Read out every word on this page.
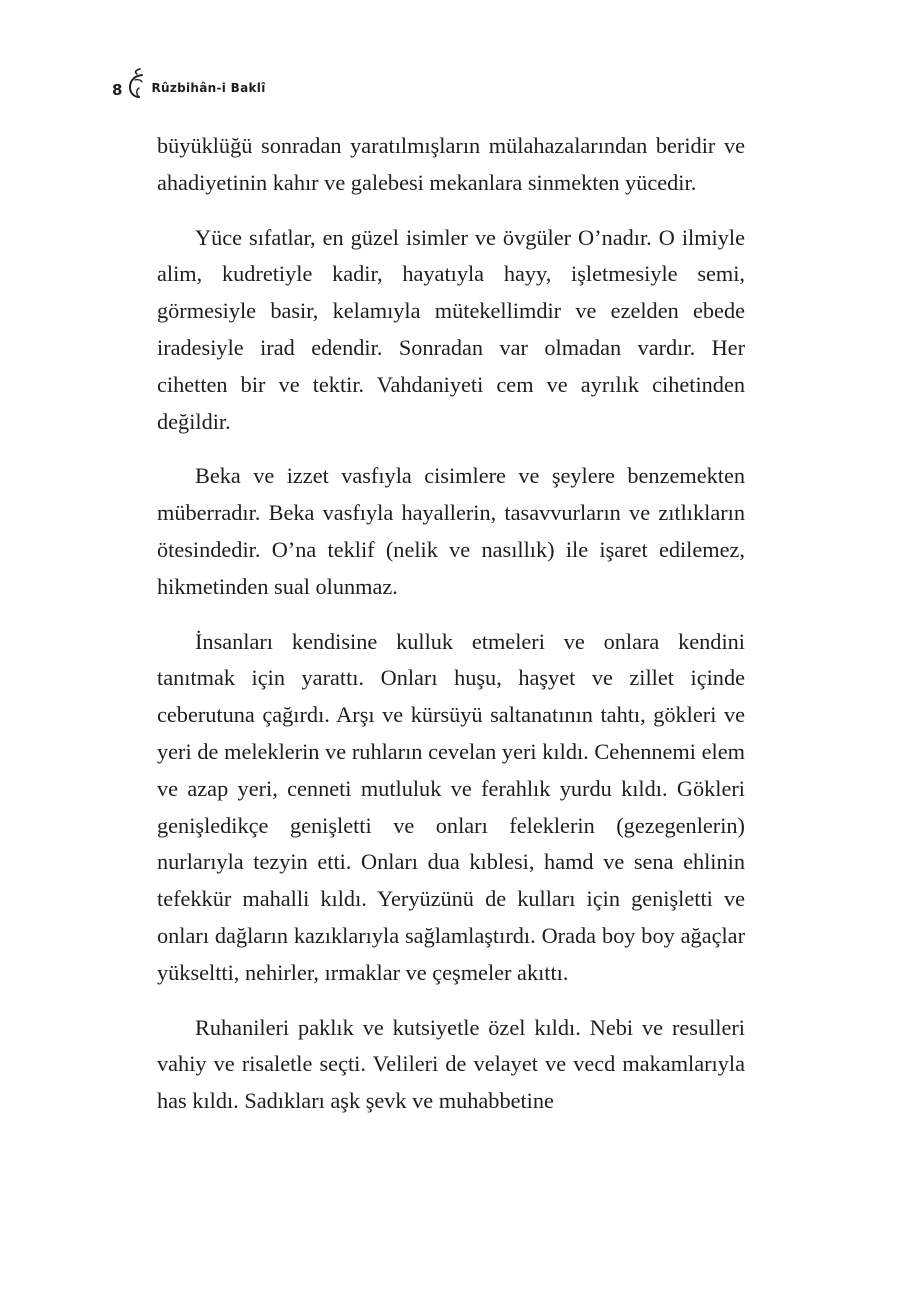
8 Rûzbihân-i Baklî

büyüklüğü sonradan yaratılmışların mülahazalarından beridir ve ahadiyetinin kahır ve galebesi mekanlara sinmekten yücedir.

Yüce sıfatlar, en güzel isimler ve övgüler O’nadır. O ilmiyle alim, kudretiyle kadir, hayatıyla hayy, işletmesiyle semi, görmesiyle basir, kelamıyla mütekellimdir ve ezelden ebede iradesiyle irad edendir. Sonradan var olmadan vardır. Her cihetten bir ve tektir. Vahdaniyeti cem ve ayrılık cihetinden değildir.

Beka ve izzet vasfıyla cisimlere ve şeylere benzemekten müberradır. Beka vasfıyla hayallerin, tasavvurların ve zıtlıkların ötesindedir. O’na teklif (nelik ve nasıllık) ile işaret edilemez, hikmetinden sual olunmaz.

İnsanları kendisine kulluk etmeleri ve onlara kendini tanıtmak için yarattı. Onları huşu, haşyet ve zillet içinde ceberutuna çağırdı. Arşı ve kürsüyü saltanatının tahtı, gökleri ve yeri de meleklerin ve ruhların cevelan yeri kıldı. Cehennemi elem ve azap yeri, cenneti mutluluk ve ferahlık yurdu kıldı. Gökleri genişledikçe genişletti ve onları feleklerin (gezegenlerin) nurlarıyla tezyin etti. Onları dua kıblesi, hamd ve sena ehlinin tefekkür mahalli kıldı. Yeryüzünü de kulları için genişletti ve onları dağların kazıklarıyla sağlamlaştırdı. Orada boy boy ağaçlar yükseltti, nehirler, ırmaklar ve çeşmeler akıttı.

Ruhanileri paklık ve kutsiyetle özel kıldı. Nebi ve resulleri vahiy ve risaletle seçti. Velileri de velayet ve vecd makamlarıyla has kıldı. Sadıkları aşk şevk ve muhabbetine
